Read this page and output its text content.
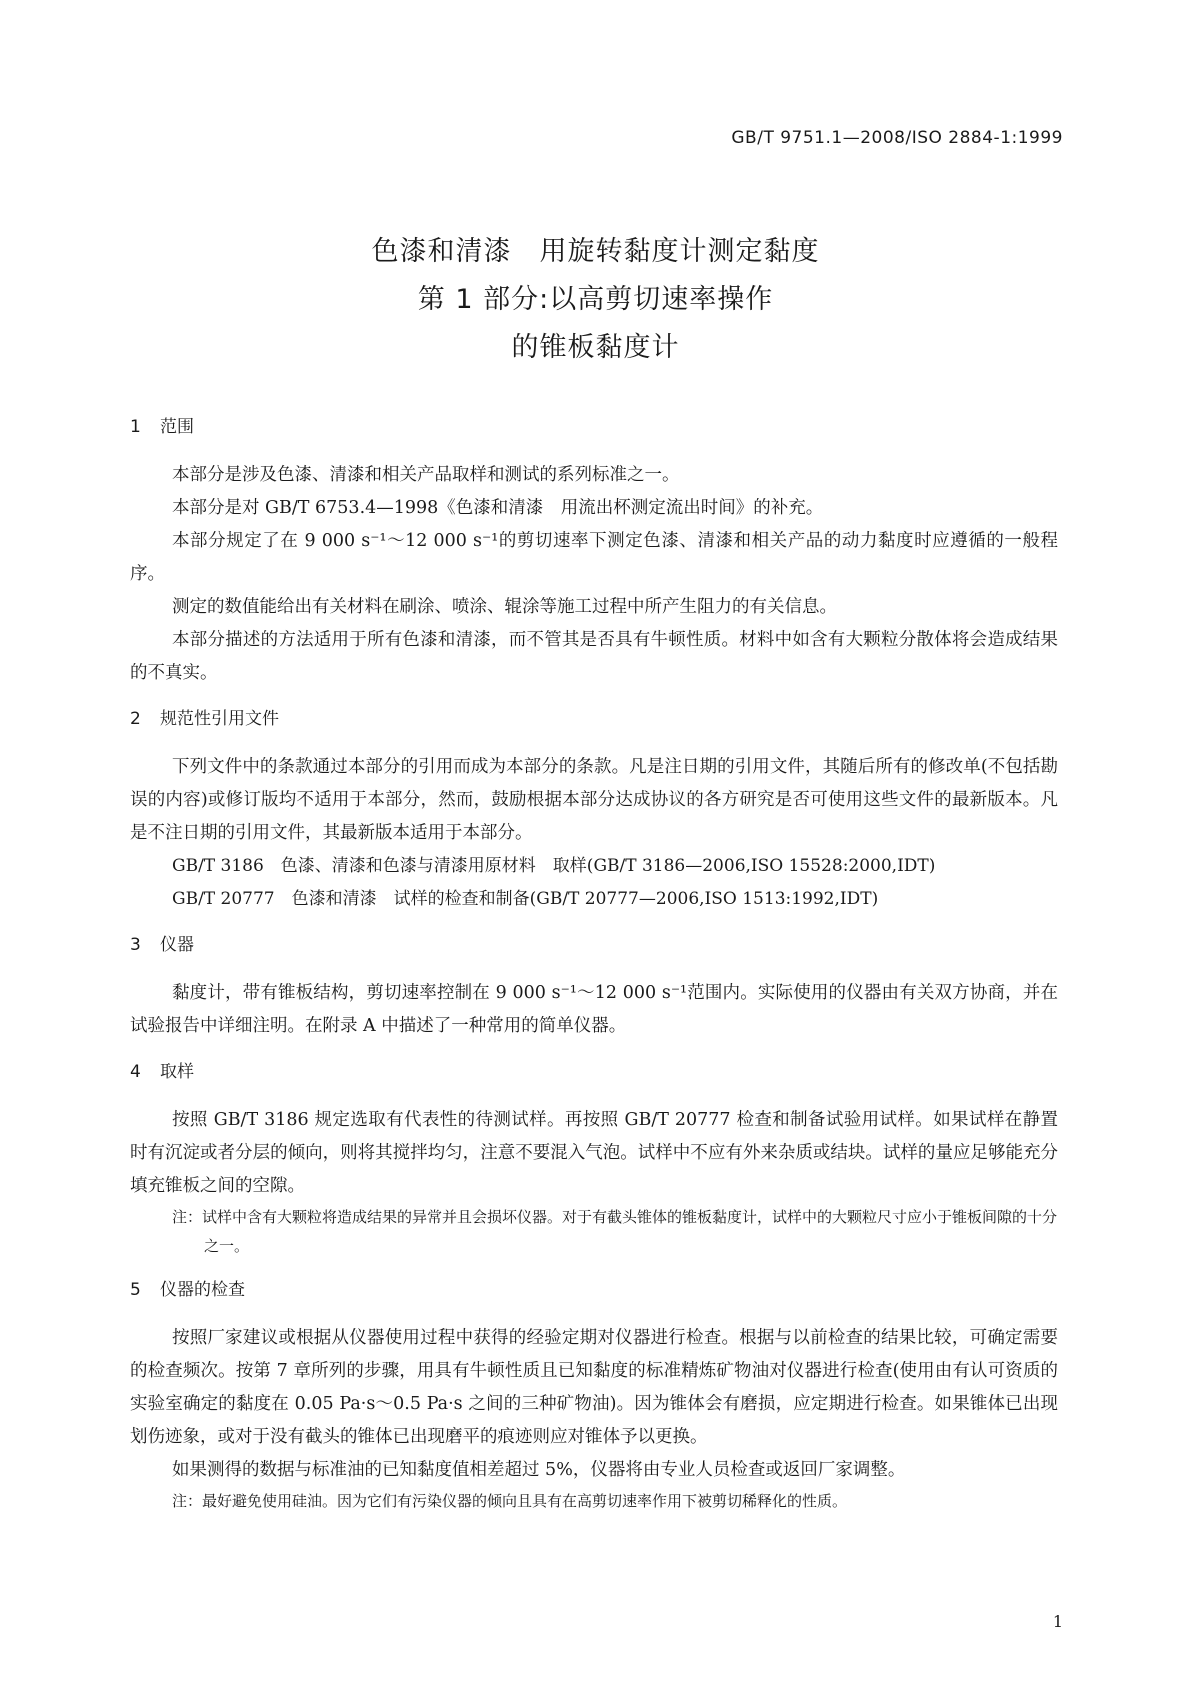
GB/T 9751.1—2008/ISO 2884-1:1999
色漆和清漆　用旋转黏度计测定黏度
第 1 部分:以高剪切速率操作
的锥板黏度计
1 范围

本部分是涉及色漆、清漆和相关产品取样和测试的系列标准之一。

本部分是对 GB/T 6753.4—1998《色漆和清漆　用流出杯测定流出时间》的补充。

本部分规定了在 9 000 s⁻¹～12 000 s⁻¹的剪切速率下测定色漆、清漆和相关产品的动力黏度时应遵循的一般程序。

测定的数值能给出有关材料在刷涂、喷涂、辊涂等施工过程中所产生阻力的有关信息。

本部分描述的方法适用于所有色漆和清漆，而不管其是否具有牛顿性质。材料中如含有大颗粒分散体将会造成结果的不真实。

2 规范性引用文件

下列文件中的条款通过本部分的引用而成为本部分的条款。凡是注日期的引用文件，其随后所有的修改单(不包括勘误的内容)或修订版均不适用于本部分，然而，鼓励根据本部分达成协议的各方研究是否可使用这些文件的最新版本。凡是不注日期的引用文件，其最新版本适用于本部分。

GB/T 3186　色漆、清漆和色漆与清漆用原材料　取样(GB/T 3186—2006,ISO 15528:2000,IDT)

GB/T 20777　色漆和清漆　试样的检查和制备(GB/T 20777—2006,ISO 1513:1992,IDT)

3 仪器

黏度计，带有锥板结构，剪切速率控制在 9 000 s⁻¹～12 000 s⁻¹范围内。实际使用的仪器由有关双方协商，并在试验报告中详细注明。在附录 A 中描述了一种常用的简单仪器。

4 取样

按照 GB/T 3186 规定选取有代表性的待测试样。再按照 GB/T 20777 检查和制备试验用试样。如果试样在静置时有沉淀或者分层的倾向，则将其搅拌均匀，注意不要混入气泡。试样中不应有外来杂质或结块。试样的量应足够能充分填充锥板之间的空隙。

注：试样中含有大颗粒将造成结果的异常并且会损坏仪器。对于有截头锥体的锥板黏度计，试样中的大颗粒尺寸应小于锥板间隙的十分之一。

5 仪器的检查

按照厂家建议或根据从仪器使用过程中获得的经验定期对仪器进行检查。根据与以前检查的结果比较，可确定需要的检查频次。按第 7 章所列的步骤，用具有牛顿性质且已知黏度的标准精炼矿物油对仪器进行检查(使用由有认可资质的实验室确定的黏度在 0.05 Pa·s～0.5 Pa·s 之间的三种矿物油)。因为锥体会有磨损，应定期进行检查。如果锥体已出现划伤迹象，或对于没有截头的锥体已出现磨平的痕迹则应对锥体予以更换。

如果测得的数据与标准油的已知黏度值相差超过 5%，仪器将由专业人员检查或返回厂家调整。

注：最好避免使用硅油。因为它们有污染仪器的倾向且具有在高剪切速率作用下被剪切稀释化的性质。

1
